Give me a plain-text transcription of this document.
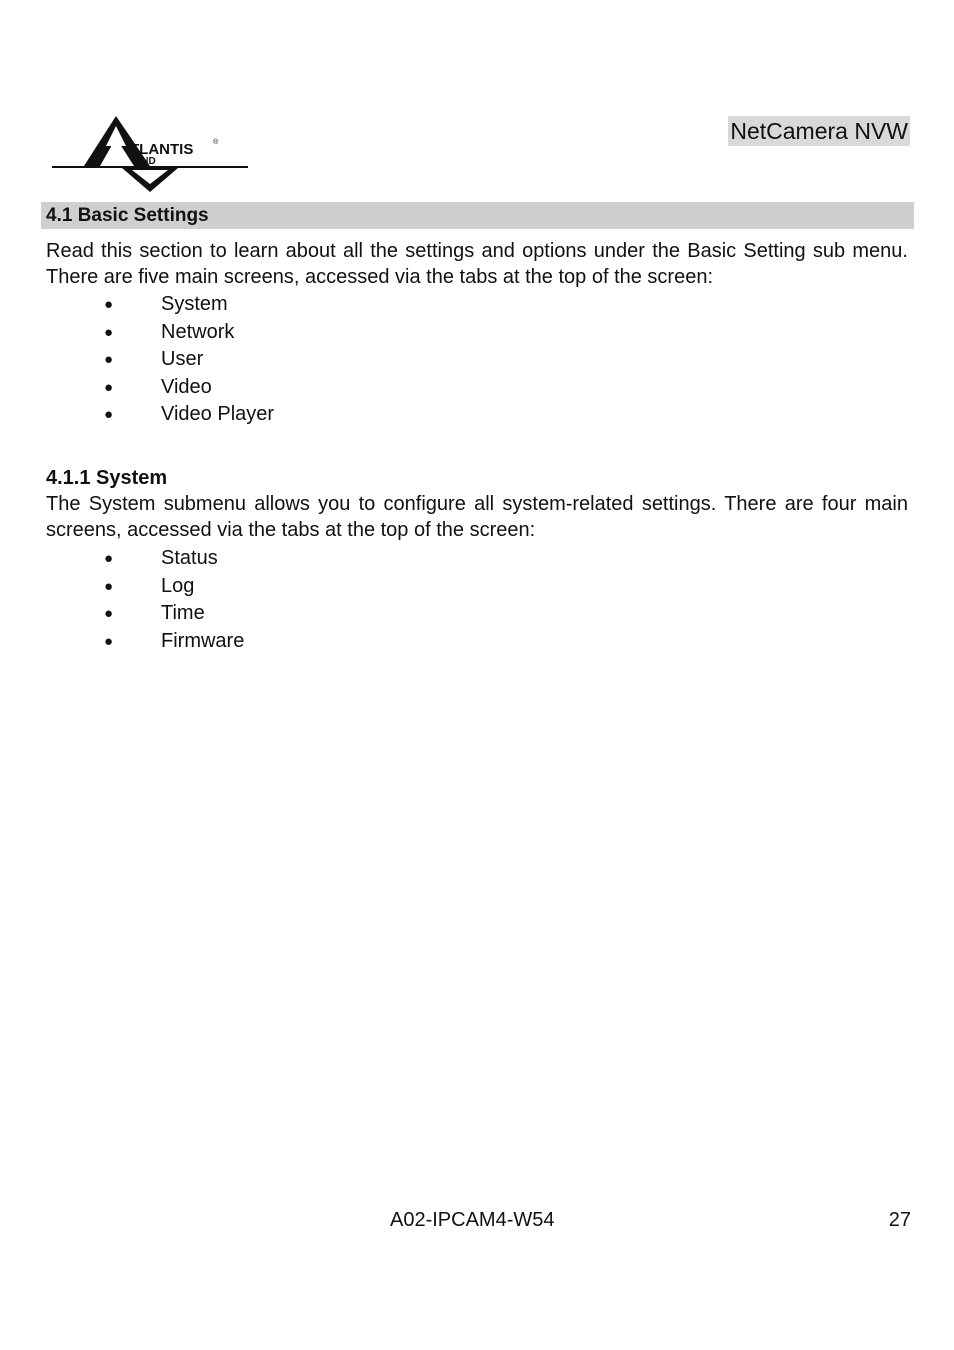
TLANTIS	®
AND
NetCamera NVW
4.1 Basic Settings

Read this section to learn about all the settings and options under the Basic Setting sub menu. There are five main screens, accessed via the tabs at the top of the screen:

● System
● Network
● User
● Video
● Video Player
4.1.1 System

The System submenu allows you to configure all system-related settings. There are four main screens, accessed via the tabs at the top of the screen:

● Status
● Log
● Time
● Firmware
A02-IPCAM4-W54	27
